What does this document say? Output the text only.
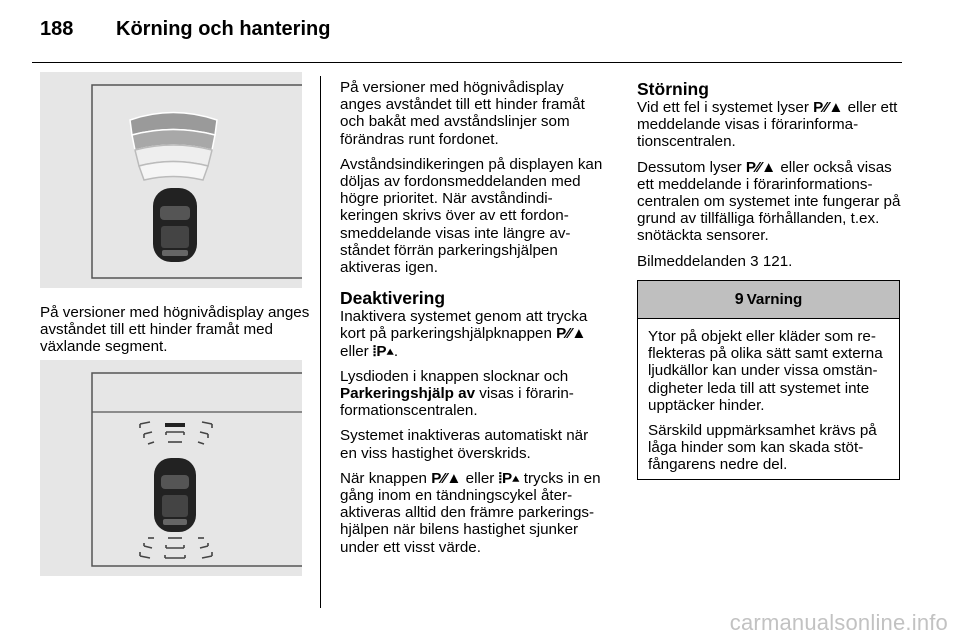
188	Körning och hantering

På versioner med högnivådisplay anges avståndet till ett hinder framåt med växlande segment.

På versioner med högnivådisplay anges avståndet till ett hinder framåt och bakåt med avståndslinjer som förändras runt fordonet.

Avståndsindikeringen på displayen kan döljas av fordonsmeddelanden med högre prioritet. När avståndindi-keringen skrivs över av ett fordon-smeddelande visas inte längre av-ståndet förrän parkeringshjälpen aktiveras igen.

Deaktivering

Inaktivera systemet genom att trycka kort på parkeringshjälpknappen P⁄⁄▲ eller ⦙P▴.

Lysdioden i knappen slocknar och Parkeringshjälp av visas i förarin-formationscentralen.

Systemet inaktiveras automatiskt när en viss hastighet överskrids.

När knappen P⁄⁄▲ eller ⦙P▴ trycks in en gång inom en tändningscykel åter-aktiveras alltid den främre parkerings-hjälpen när bilens hastighet sjunker under ett visst värde.

Störning

Vid ett fel i systemet lyser P⁄⁄▲ eller ett meddelande visas i förarinforma-tionscentralen.

Dessutom lyser P⁄⁄▲ eller också visas ett meddelande i förarinformations-centralen om systemet inte fungerar på grund av tillfälliga förhållanden, t.ex. snötäckta sensorer.

Bilmeddelanden 3 121.

9 Varning

Ytor på objekt eller kläder som re-flekteras på olika sätt samt externa ljudkällor kan under vissa omstän-digheter leda till att systemet inte upptäcker hinder.

Särskild uppmärksamhet krävs på låga hinder som kan skada stöt-fångarens nedre del.

carmanualsonline.info
